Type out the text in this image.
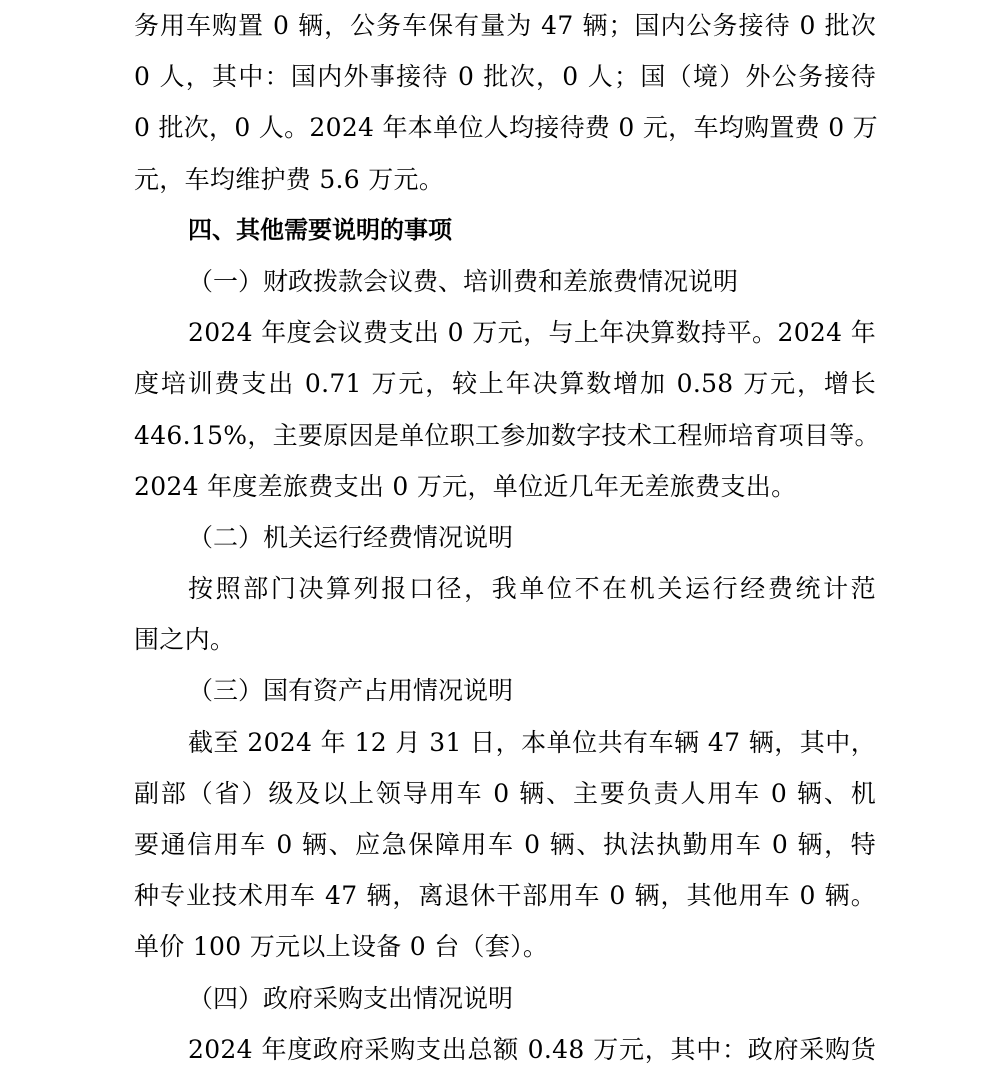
务用车购置 0 辆，公务车保有量为 47 辆；国内公务接待 0 批次
0 人，其中：国内外事接待 0 批次，0 人；国（境）外公务接待
0 批次，0 人。2024 年本单位人均接待费 0 元，车均购置费 0 万
元，车均维护费 5.6 万元。
四、其他需要说明的事项
（一）财政拨款会议费、培训费和差旅费情况说明
2024 年度会议费支出 0 万元，与上年决算数持平。2024 年
度培训费支出 0.71 万元，较上年决算数增加 0.58 万元，增长
446.15%，主要原因是单位职工参加数字技术工程师培育项目等。
2024 年度差旅费支出 0 万元，单位近几年无差旅费支出。
（二）机关运行经费情况说明
按照部门决算列报口径，我单位不在机关运行经费统计范
围之内。
（三）国有资产占用情况说明
截至 2024 年 12 月 31 日，本单位共有车辆 47 辆，其中，
副部（省）级及以上领导用车 0 辆、主要负责人用车 0 辆、机
要通信用车 0 辆、应急保障用车 0 辆、执法执勤用车 0 辆，特
种专业技术用车 47 辆，离退休干部用车 0 辆，其他用车 0 辆。
单价 100 万元以上设备 0 台（套）。
（四）政府采购支出情况说明
2024 年度政府采购支出总额 0.48 万元，其中：政府采购货
